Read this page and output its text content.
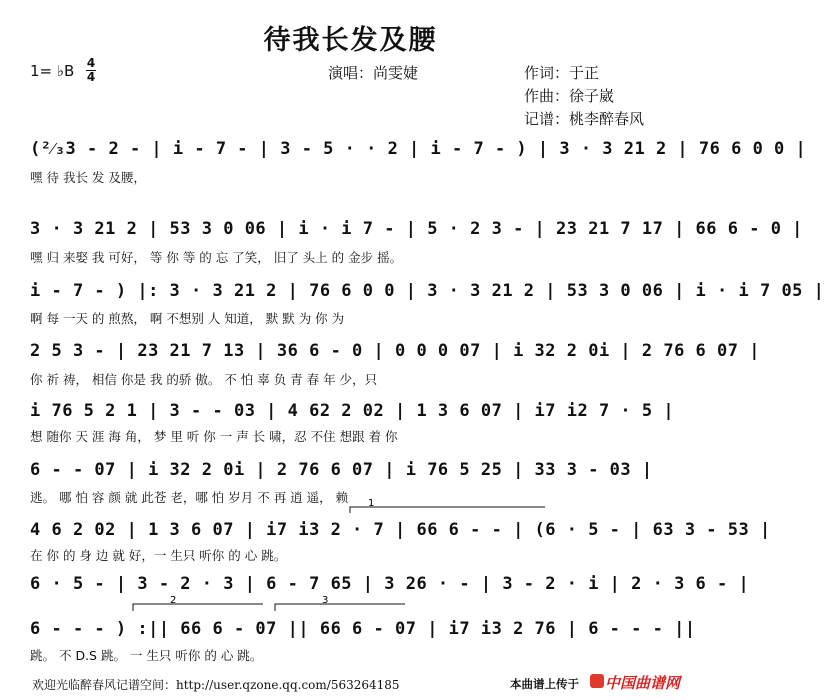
待我长发及腰
1= ♭B 4
4	演唱：尚雯婕	作词：于正
作曲：徐子崴
记谱：桃李醉春风
(²⁄₃3 - 2 - | i - 7 - | 3 - 5 · · 2 | i - 7 - ) | 3 · 3 21 2 | 76 6 0 0 |
嘿 待 我长 发 及腰，
3 · 3 21 2 | 53 3 0 06 | i · i 7 - | 5 · 2 3 - | 23 21 7 17 | 66 6 - 0 |
嘿 归 来娶 我 可好， 等 你 等 的 忘 了笑， 旧了 头上 的 金步 摇。
i - 7 - ) |: 3 · 3 21 2 | 76 6 0 0 | 3 · 3 21 2 | 53 3 0 06 | i · i 7 05 |
啊 每 一天 的 煎熬， 啊 不想别 人 知道， 默 默 为 你 为
2 5 3 - | 23 21 7 13 | 36 6 - 0 | 0 0 0 07 | i 32 2 0i | 2 76 6 07 |
你 祈 祷， 相信 你是 我 的骄 傲。 不 怕 辜 负 青 春 年 少，只
i 76 5 2 1 | 3 - - 03 | 4 62 2 02 | 1 3 6 07 | i7 i2 7 · 5 |
想 随你 天 涯 海 角， 梦 里 听 你 一 声 长 啸，忍 不住 想跟 着 你
6 - - 07 | i 32 2 0i | 2 76 6 07 | i 76 5 25 | 33 3 - 03 |
逃。 哪 怕 容 颜 就 此苍 老，哪 怕 岁月 不 再 逍 遥， 赖
4 6 2 02 | 1 3 6 07 | i7 i3 2 · 7 | 66 6 - - | (6 · 5 - | 63 3 - 53 |
在 你 的 身 边 就 好，一 生只 听你 的 心 跳。
6 · 5 - | 3 - 2 · 3 | 6 - 7 65 | 3 26 · - | 3 - 2 · i | 2 · 3 6 - |
6 - - - ) :|| 66 6 - 07 || 66 6 - 07 | i7 i3 2 76 | 6 - - - ||
跳。 不 D.S 跳。 一 生只 听你 的 心 跳。
1
2	3
欢迎光临醉春风记谱空间：http://user.qzone.qq.com/563264185	本曲谱上传于 中国曲谱网
